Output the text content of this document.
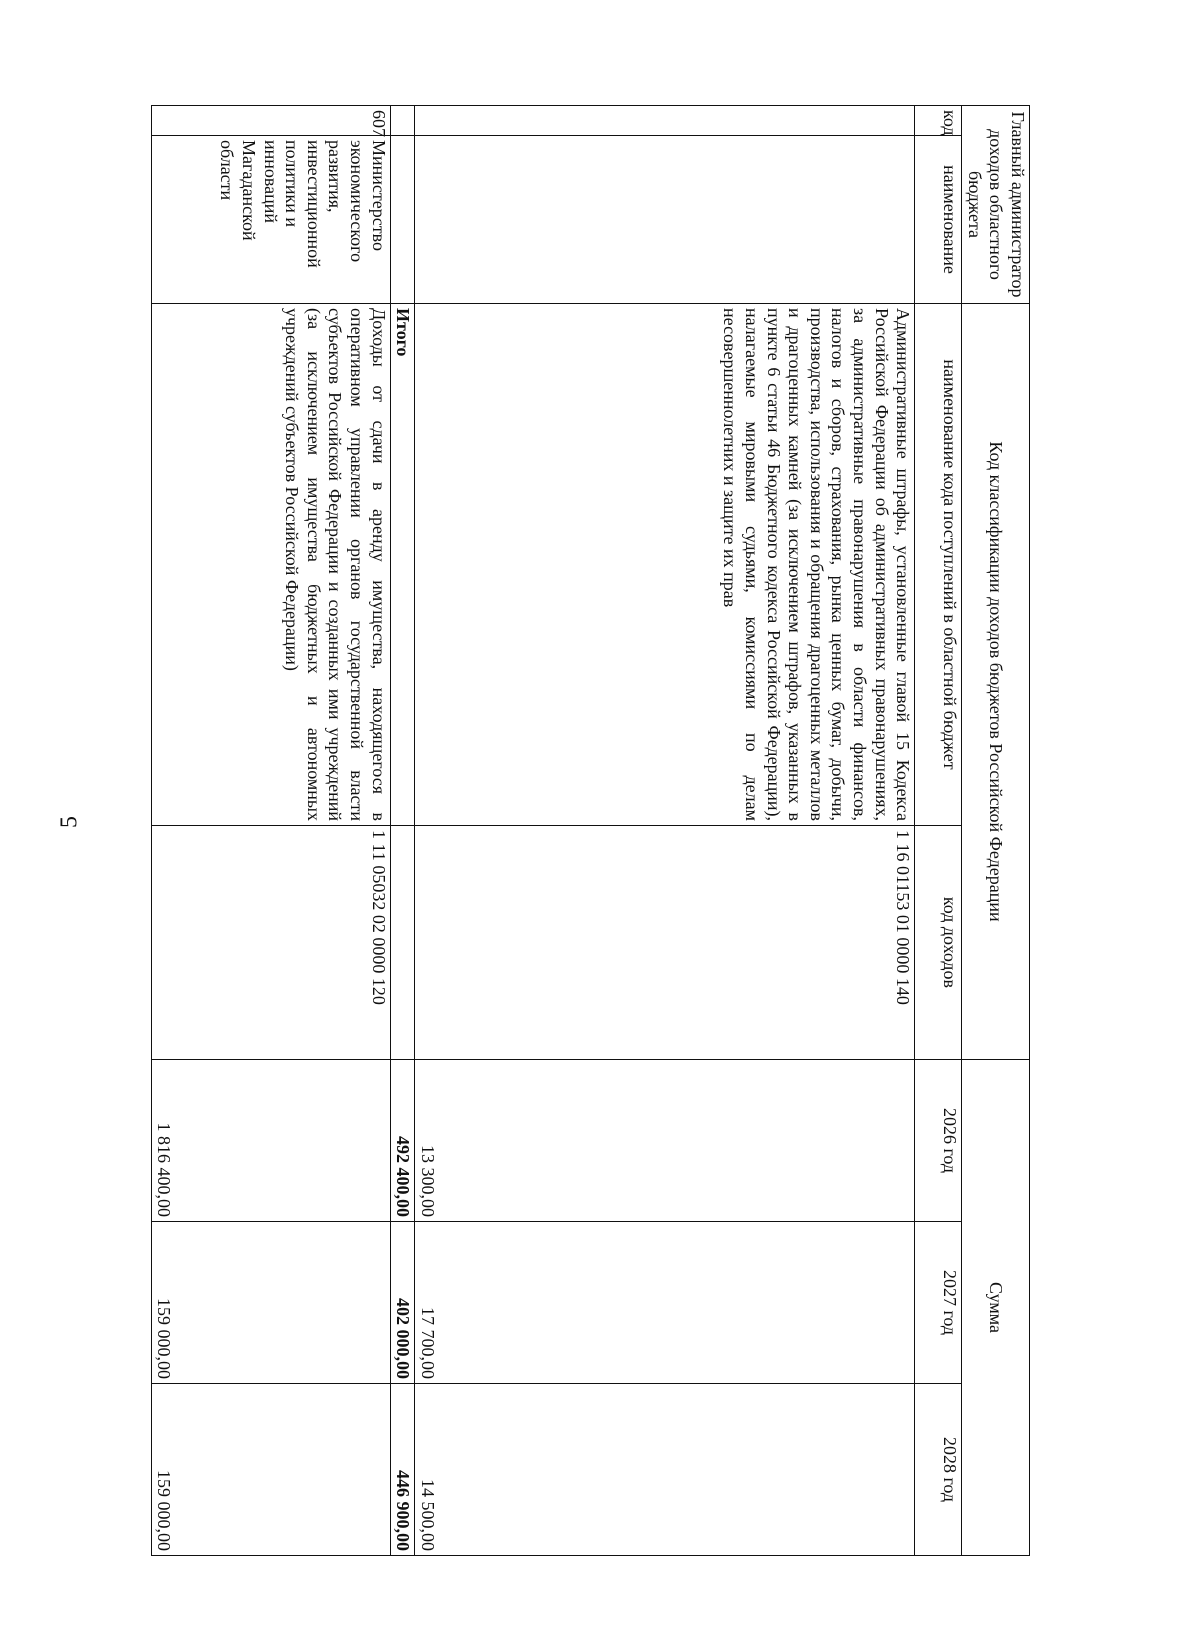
5
Главный администратор доходов областного бюджета		Код классификации доходов бюджетов Российской Федерации		Сумма		
код	наименование	наименование кода поступлений в областной бюджет	код доходов	2026 год	2027 год	2028 год
		Административные штрафы, установленные главой 15 Кодекса Российской Федерации об административных правонарушениях, за административные правонарушения в области финансов, налогов и сборов, страхования, рынка ценных бумаг, добычи, производства, использования и обращения драгоценных металлов и драгоценных камней (за исключением штрафов, указанных в пункте 6 статьи 46 Бюджетного кодекса Российской Федерации), налагаемые мировыми судьями, комиссиями по делам несовершеннолетних и защите их прав	1 16 01153 01 0000 140	13 300,00	17 700,00	14 500,00
		Итого		492 400,00	402 000,00	446 900,00
607	Министерство экономического развития, инвестиционной политики и инноваций Магаданской области	Доходы от сдачи в аренду имущества, находящегося в оперативном управлении органов государственной власти субъектов Российской Федерации и созданных ими учреждений (за исключением имущества бюджетных и автономных учреждений субъектов Российской Федерации)	1 11 05032 02 0000 120	1 816 400,00	159 000,00	159 000,00
